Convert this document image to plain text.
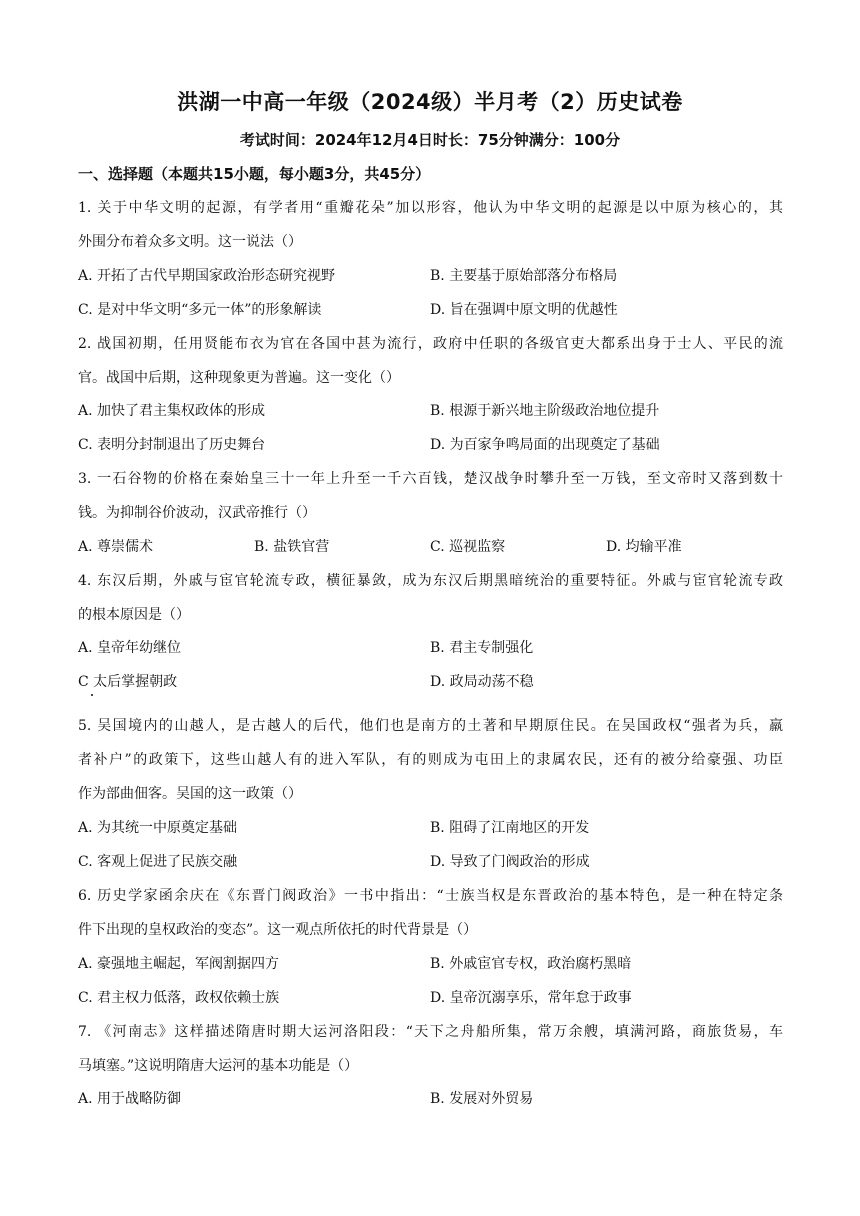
洪湖一中高一年级（2024级）半月考（2）历史试卷
考试时间：2024年12月4日时长：75分钟满分：100分
一、选择题（本题共15小题，每小题3分，共45分）
1. 关于中华文明的起源，有学者用“重瓣花朵”加以形容，他认为中华文明的起源是以中原为核心的，其
外围分布着众多文明。这一说法（）
A. 开拓了古代早期国家政治形态研究视野	B. 主要基于原始部落分布格局
C. 是对中华文明“多元一体”的形象解读	D. 旨在强调中原文明的优越性
2. 战国初期，任用贤能布衣为官在各国中甚为流行，政府中任职的各级官吏大都系出身于士人、平民的流
官。战国中后期，这种现象更为普遍。这一变化（）
A. 加快了君主集权政体的形成	B. 根源于新兴地主阶级政治地位提升
C. 表明分封制退出了历史舞台	D. 为百家争鸣局面的出现奠定了基础
3. 一石谷物的价格在秦始皇三十一年上升至一千六百钱，楚汉战争时攀升至一万钱，至文帝时又落到数十
钱。为抑制谷价波动，汉武帝推行（）
A. 尊崇儒术	B. 盐铁官营	C. 巡视监察	D. 均输平准
4. 东汉后期，外戚与宦官轮流专政，横征暴敛，成为东汉后期黑暗统治的重要特征。外戚与宦官轮流专政
的根本原因是（）
A. 皇帝年幼继位	B. 君主专制强化
C 太后掌握朝政	D. 政局动荡不稳
5. 吴国境内的山越人，是古越人的后代，他们也是南方的土著和早期原住民。在吴国政权“强者为兵，羸
者补户”的政策下，这些山越人有的进入军队，有的则成为屯田上的隶属农民，还有的被分给豪强、功臣
作为部曲佃客。吴国的这一政策（）
A. 为其统一中原奠定基础	B. 阻碍了江南地区的开发
C. 客观上促进了民族交融	D. 导致了门阀政治的形成
6. 历史学家函余庆在《东晋门阀政治》一书中指出：“士族当权是东晋政治的基本特色，是一种在特定条
件下出现的皇权政治的变态”。这一观点所依托的时代背景是（）
A. 豪强地主崛起，军阀割据四方	B. 外戚宦官专权，政治腐朽黑暗
C. 君主权力低落，政权依赖士族	D. 皇帝沉溺享乐，常年怠于政事
7. 《河南志》这样描述隋唐时期大运河洛阳段：“天下之舟船所集，常万余艘，填满河路，商旅货易，车
马填塞。”这说明隋唐大运河的基本功能是（）
A. 用于战略防御	B. 发展对外贸易
